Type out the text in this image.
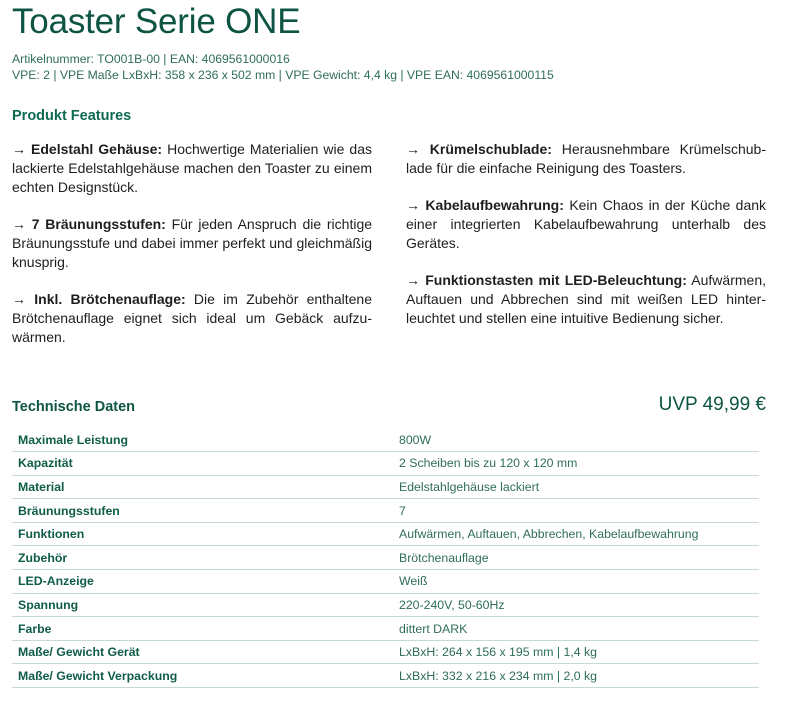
Toaster Serie ONE
Artikelnummer: TO001B-00 | EAN: 4069561000016
VPE: 2 | VPE Maße LxBxH: 358 x 236 x 502 mm | VPE Gewicht: 4,4 kg | VPE EAN: 4069561000115
Produkt Features

→ Edelstahl Gehäuse: Hochwertige Materialien wie das lackierte Edelstahlgehäuse machen den Toaster zu einem echten Designstück.

→ 7 Bräunungsstufen: Für jeden Anspruch die richtige Bräunungsstufe und dabei immer perfekt und gleichmäßig knusprig.

→ Inkl. Brötchenauflage: Die im Zubehör enthaltene Brötchenauflage eignet sich ideal um Gebäck aufzuwärmen.

→ Krümelschublade: Herausnehmbare Krümelschublade für die einfache Reinigung des Toasters.

→ Kabelaufbewahrung: Kein Chaos in der Küche dank einer integrierten Kabelaufbewahrung unterhalb des Gerätes.

→ Funktionstasten mit LED-Beleuchtung: Aufwärmen, Auftauen und Abbrechen sind mit weißen LED hinterleuchtet und stellen eine intuitive Bedienung sicher.

Technische Daten	UVP 49,99 €
Maximale Leistung	800W
Kapazität	2 Scheiben bis zu 120 x 120 mm
Material	Edelstahlgehäuse lackiert
Bräunungsstufen	7
Funktionen	Aufwärmen, Auftauen, Abbrechen, Kabelaufbewahrung
Zubehör	Brötchenauflage
LED-Anzeige	Weiß
Spannung	220-240V, 50-60Hz
Farbe	dittert DARK
Maße/ Gewicht Gerät	LxBxH: 264 x 156 x 195 mm | 1,4 kg
Maße/ Gewicht Verpackung	LxBxH: 332 x 216 x 234 mm | 2,0 kg
